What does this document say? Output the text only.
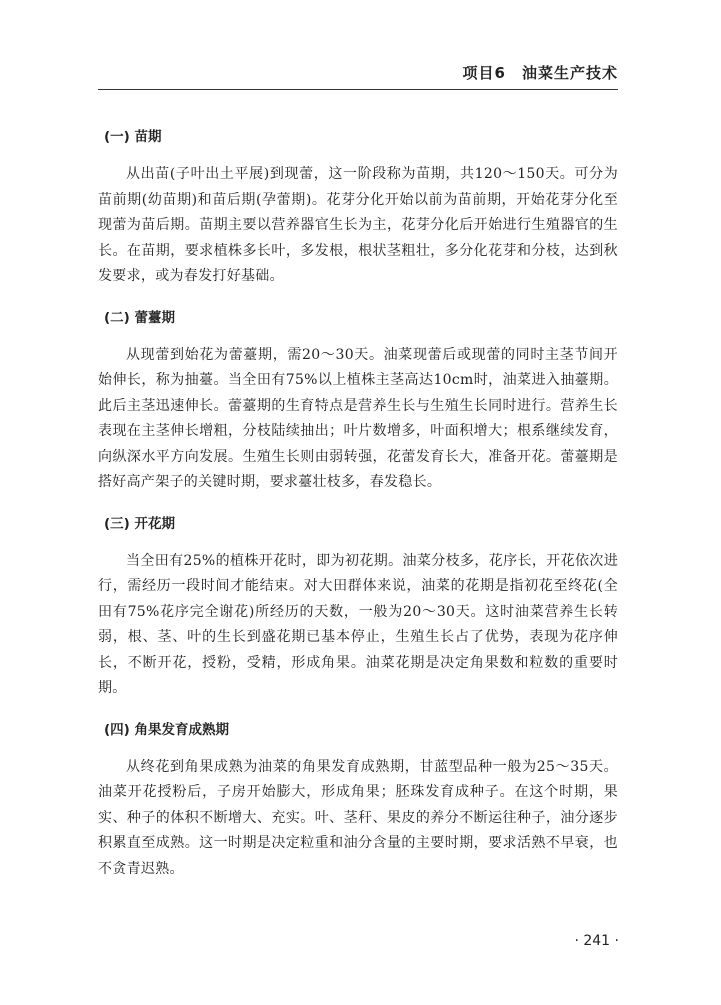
项目6　油菜生产技术
(一) 苗期

从出苗(子叶出土平展)到现蕾，这一阶段称为苗期，共120～150天。可分为苗前期(幼苗期)和苗后期(孕蕾期)。花芽分化开始以前为苗前期，开始花芽分化至现蕾为苗后期。苗期主要以营养器官生长为主，花芽分化后开始进行生殖器官的生长。在苗期，要求植株多长叶，多发根，根状茎粗壮，多分化花芽和分枝，达到秋发要求，或为春发打好基础。

(二) 蕾薹期

从现蕾到始花为蕾薹期，需20～30天。油菜现蕾后或现蕾的同时主茎节间开始伸长，称为抽薹。当全田有75%以上植株主茎高达10cm时，油菜进入抽薹期。此后主茎迅速伸长。蕾薹期的生育特点是营养生长与生殖生长同时进行。营养生长表现在主茎伸长增粗，分枝陆续抽出；叶片数增多，叶面积增大；根系继续发育，向纵深水平方向发展。生殖生长则由弱转强，花蕾发育长大，准备开花。蕾薹期是搭好高产架子的关键时期，要求薹壮枝多，春发稳长。

(三) 开花期

当全田有25%的植株开花时，即为初花期。油菜分枝多，花序长，开花依次进行，需经历一段时间才能结束。对大田群体来说，油菜的花期是指初花至终花(全田有75%花序完全谢花)所经历的天数，一般为20～30天。这时油菜营养生长转弱，根、茎、叶的生长到盛花期已基本停止，生殖生长占了优势，表现为花序伸长，不断开花，授粉，受精，形成角果。油菜花期是决定角果数和粒数的重要时期。

(四) 角果发育成熟期

从终花到角果成熟为油菜的角果发育成熟期，甘蓝型品种一般为25～35天。油菜开花授粉后，子房开始膨大，形成角果；胚珠发育成种子。在这个时期，果实、种子的体积不断增大、充实。叶、茎秆、果皮的养分不断运往种子，油分逐步积累直至成熟。这一时期是决定粒重和油分含量的主要时期，要求活熟不早衰，也不贪青迟熟。

· 241 ·
